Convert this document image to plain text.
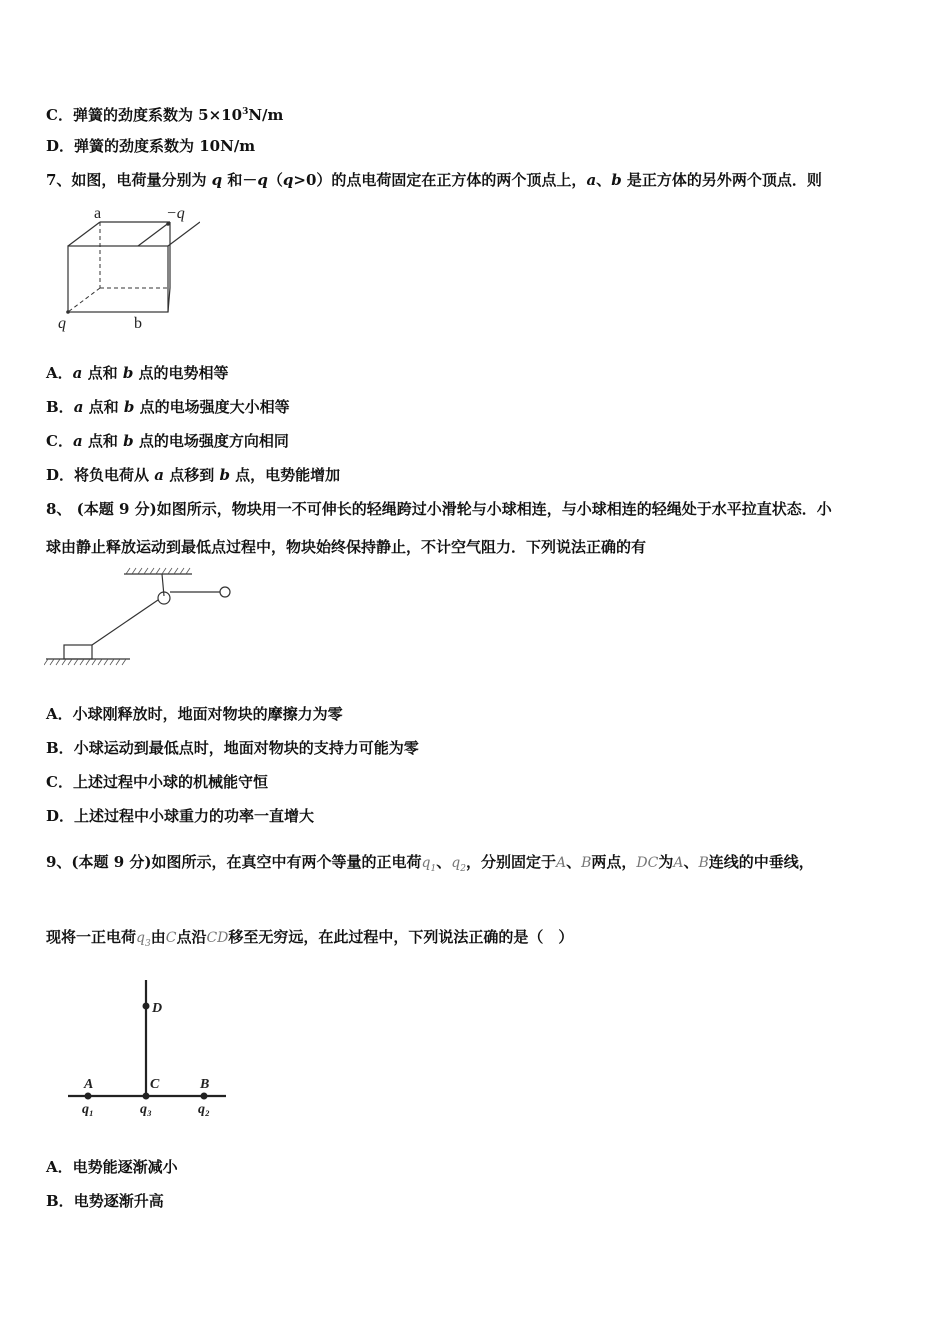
C．弹簧的劲度系数为 $5\times 10^3N/m$
D．弹簧的劲度系数为 10N/m
7、如图，电荷量分别为 q 和－q（q>0）的点电荷固定在正方体的两个顶点上，a、b 是正方体的另外两个顶点．则
a	−q
q	b
A．a 点和 b 点的电势相等
B．a 点和 b 点的电场强度大小相等
C．a 点和 b 点的电场强度方向相同
D．将负电荷从 a 点移到 b 点，电势能增加
8、 (本题 9 分)如图所示，物块用一不可伸长的轻绳跨过小滑轮与小球相连，与小球相连的轻绳处于水平拉直状态．小
球由静止释放运动到最低点过程中，物块始终保持静止，不计空气阻力．下列说法正确的有
A．小球刚释放时，地面对物块的摩擦力为零
B．小球运动到最低点时，地面对物块的支持力可能为零
C．上述过程中小球的机械能守恒
D．上述过程中小球重力的功率一直增大
9、(本题 9 分)如图所示，在真空中有两个等量的正电荷$q_1$、$q_2$，分别固定于A、B两点，DC为A、B连线的中垂线，
现将一正电荷$q_3$由C点沿CD移至无穷远，在此过程中，下列说法正确的是（　）
D
A	C	B
q₁	q₃	q₂
A．电势能逐渐减小
B．电势逐渐升高
